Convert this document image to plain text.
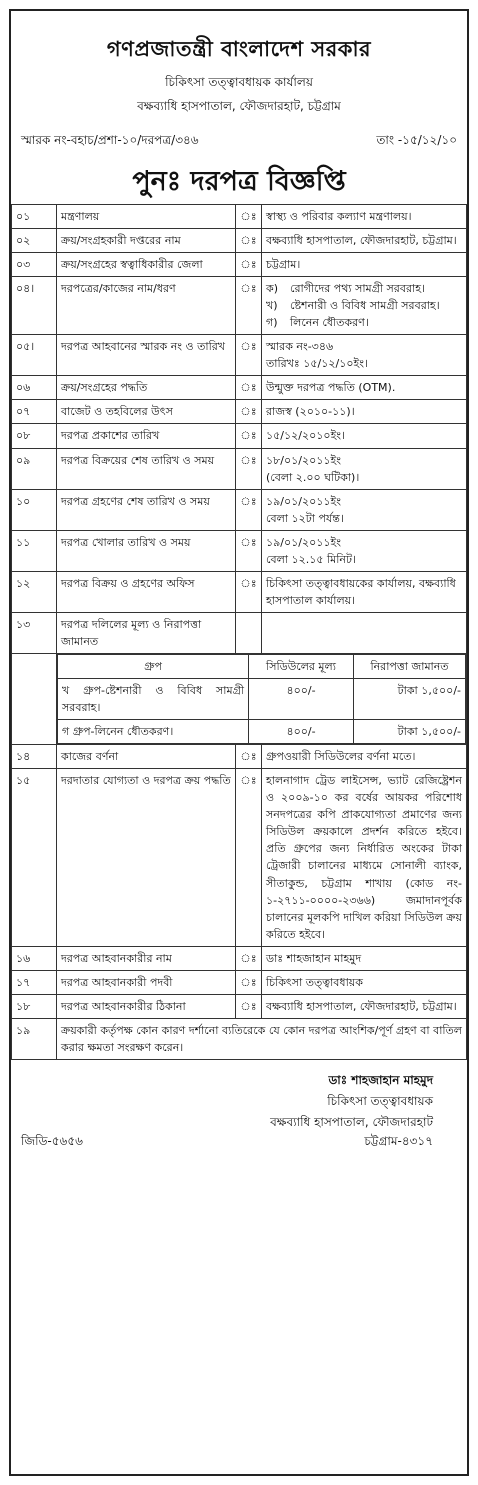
গণপ্রজাতন্ত্রী বাংলাদেশ সরকার
চিকিৎসা তত্ত্বাবধায়ক কার্যালয়
বক্ষব্যাধি হাসপাতাল, ফৌজদারহাট, চট্টগ্রাম
স্মারক নং-বহাচ/প্রশা-১০/দরপত্র/৩৪৬	তাং -১৫/১২/১০
পুনঃ দরপত্র বিজ্ঞপ্তি
০১	মন্ত্রণালয়	ঃ	স্বাস্থ্য ও পরিবার কল্যাণ মন্ত্রণালয়।
০২	ক্রয়/সংগ্রহকারী দপ্তরের নাম	ঃ	বক্ষব্যাধি হাসপাতাল, ফৌজদারহাট, চট্টগ্রাম।
০৩	ক্রয়/সংগ্রহের স্বত্বাধিকারীর জেলা	ঃ	চট্টগ্রাম।
০৪।	দরপত্রের/কাজের নাম/ধরণ	ঃ	ক)	রোগীদের পথ্য সামগ্রী সরবরাহ।
খ)	ষ্টেশনারী ও বিবিধ সামগ্রী সরবরাহ।
গ)	লিনেন ধৌতকরণ।

০৫।	দরপত্র আহবানের স্মারক নং ও তারিখ	ঃ	স্মারক নং-৩৪৬
তারিখঃ ১৫/১২/১০ইং।

০৬	ক্রয়/সংগ্রহের পদ্ধতি	ঃ	উন্মুক্ত দরপত্র পদ্ধতি (OTM).
০৭	বাজেট ও তহবিলের উৎস	ঃ	রাজস্ব (২০১০-১১)।
০৮	দরপত্র প্রকাশের তারিখ	ঃ	১৫/১২/২০১০ইং।
০৯	দরপত্র বিক্রয়ের শেষ তারিখ ও সময়	ঃ	১৮/০১/২০১১ইং
(বেলা ২.০০ ঘটিকা)।

১০	দরপত্র গ্রহণের শেষ তারিখ ও সময়	ঃ	১৯/০১/২০১১ইং
বেলা ১২টা পর্যন্ত।

১১	দরপত্র খোলার তারিখ ও সময়	ঃ	১৯/০১/২০১১ইং
বেলা ১২.১৫ মিনিট।

১২	দরপত্র বিক্রয় ও গ্রহণের অফিস	ঃ	চিকিৎসা তত্ত্বাবধায়কের কার্যালয়, বক্ষব্যাধি হাসপাতাল কার্যালয়।
১৩	দরপত্র দলিলের মূল্য ও নিরাপত্তা জামানত		

গ্রুপ	সিডিউলের মূল্য	নিরাপত্তা জামানত
খ গ্রুপ-ষ্টেশনারী ও বিবিধ সামগ্রী সরবরাহ।	৪০০/-	টাকা ১,৫০০/-
গ গ্রুপ-লিনেন ধৌতকরণ।	৪০০/-	টাকা ১,৫০০/-

১৪	কাজের বর্ণনা	ঃ	গ্রুপওয়ারী সিডিউলের বর্ণনা মতে।
১৫	দরদাতার যোগ্যতা ও দরপত্র ক্রয় পদ্ধতি	ঃ	হালনাগাদ ট্রেড লাইসেন্স, ভ্যাট রেজিষ্ট্রেশন ও ২০০৯-১০ কর বর্ষের আয়কর পরিশোধ সনদপত্রের কপি প্রাকযোগ্যতা প্রমাণের জন্য সিডিউল ক্রয়কালে প্রদর্শন করিতে হইবে। প্রতি গ্রুপের জন্য নির্ধারিত অংকের টাকা ট্রেজারী চালানের মাধ্যমে সোনালী ব্যাংক, সীতাকুন্ড, চট্টগ্রাম শাখায় (কোড নং- ১-২৭১১-০০০০-২৩৬৬) জমাদানপূর্বক চালানের মূলকপি দাখিল করিয়া সিডিউল ক্রয় করিতে হইবে।
১৬	দরপত্র আহবানকারীর নাম	ঃ	ডাঃ শাহজাহান মাহমুদ
১৭	দরপত্র আহবানকারী পদবী	ঃ	চিকিৎসা তত্ত্বাবধায়ক
১৮	দরপত্র আহবানকারীর ঠিকানা	ঃ	বক্ষব্যাধি হাসপাতাল, ফৌজদারহাট, চট্টগ্রাম।
১৯	ক্রয়কারী কর্তৃপক্ষ কোন কারণ দর্শানো ব্যতিরেকে যে কোন দরপত্র আংশিক/পূর্ণ গ্রহণ বা বাতিল করার ক্ষমতা সংরক্ষণ করেন।
ডাঃ শাহজাহান মাহমুদ
চিকিৎসা তত্ত্বাবধায়ক
বক্ষব্যাধি হাসপাতাল, ফৌজদারহাট
জিডি-৫৬৫৬	চট্টগ্রাম-৪৩১৭
